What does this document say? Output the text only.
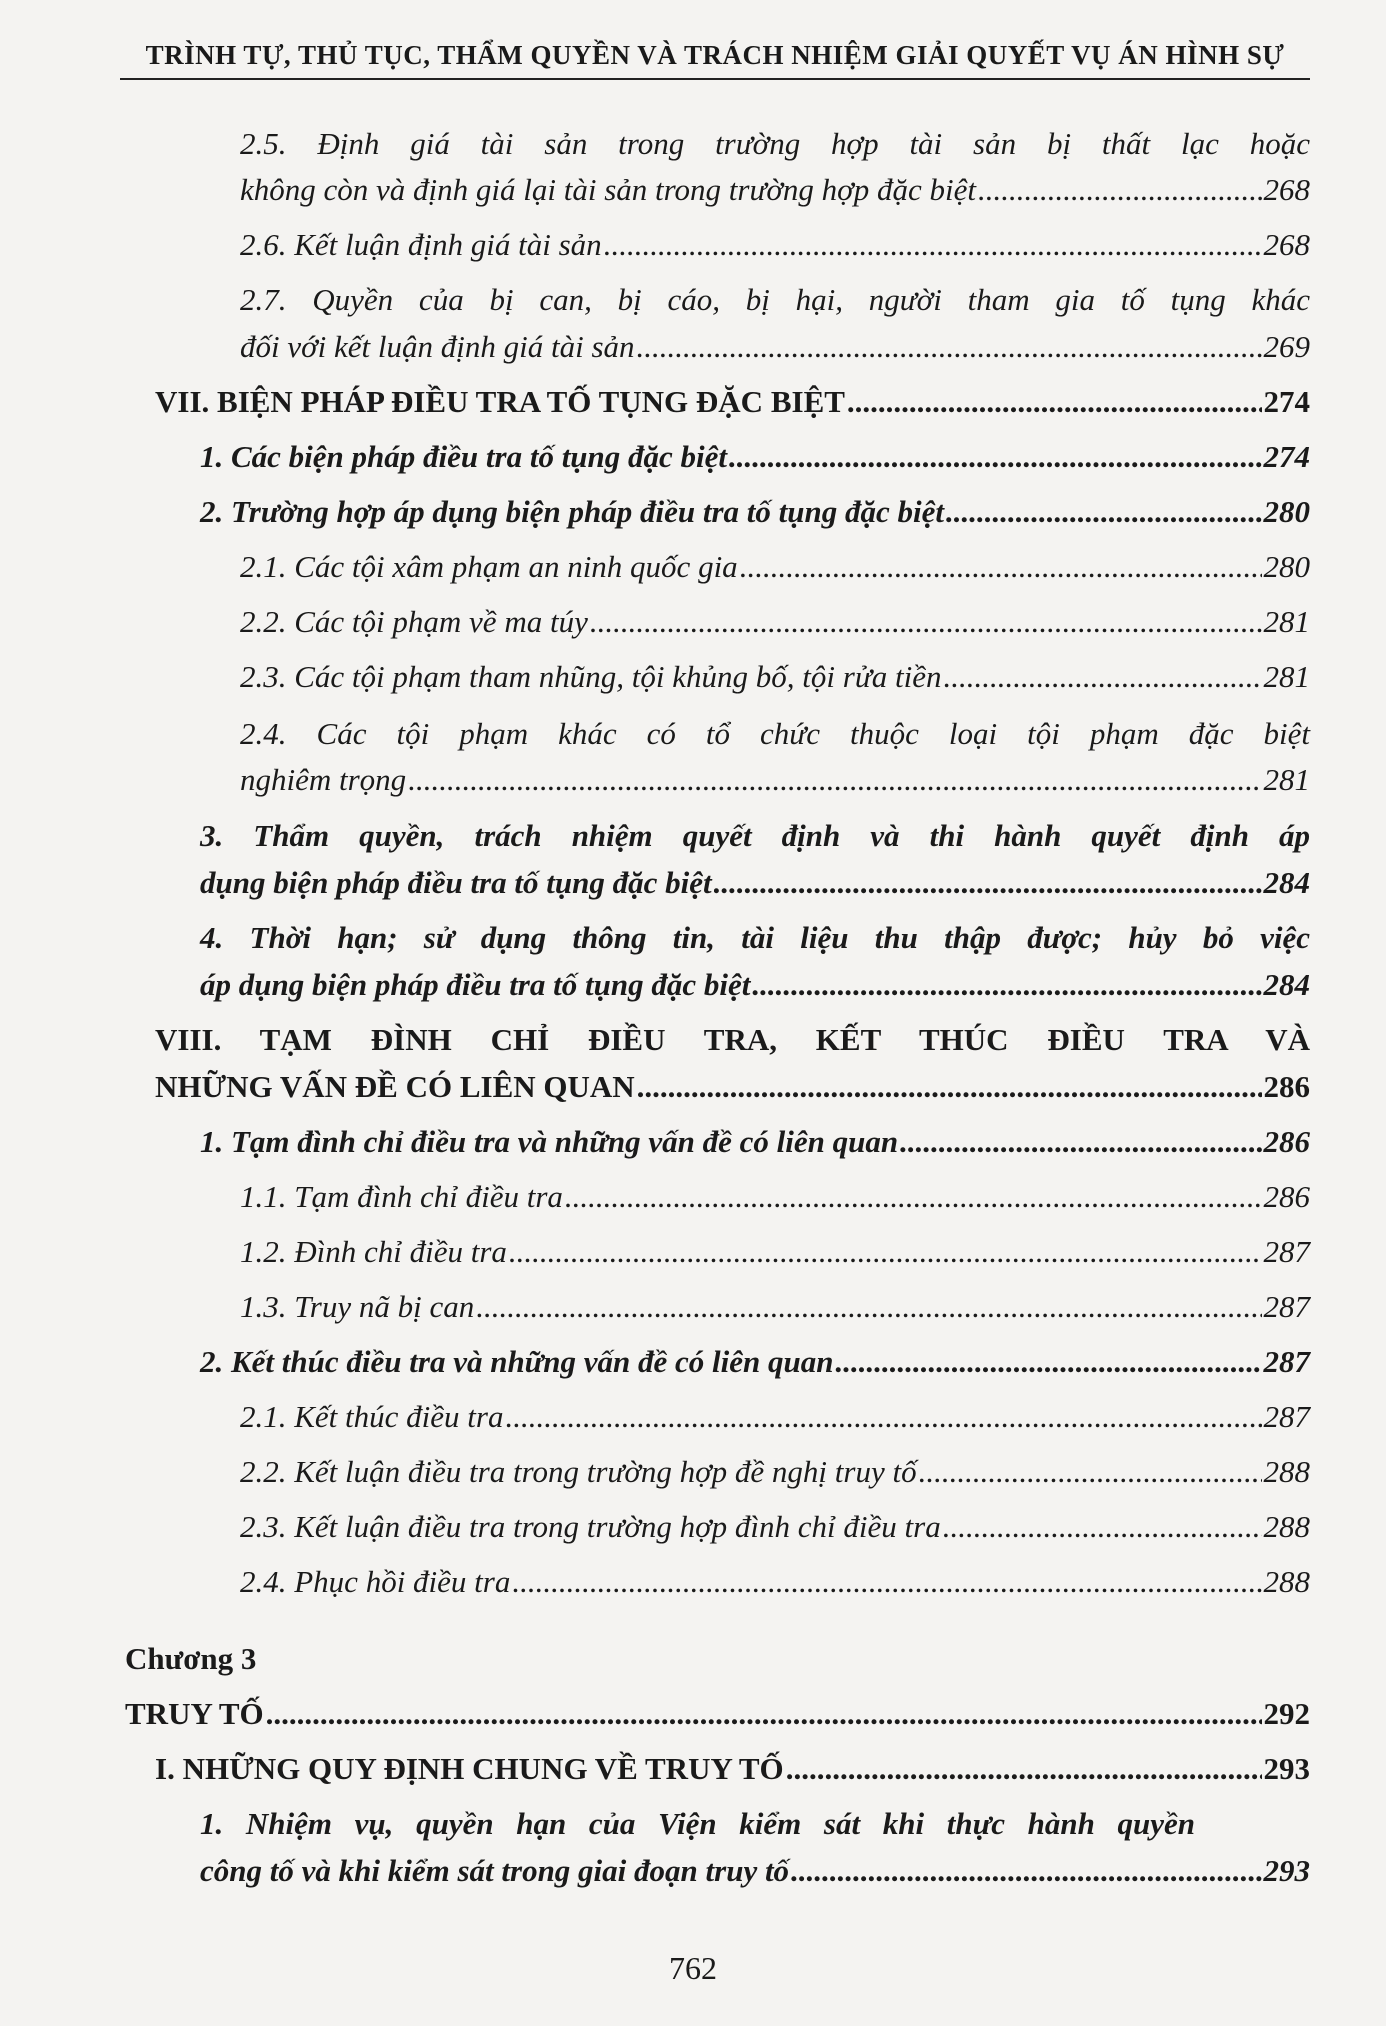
TRÌNH TỰ, THỦ TỤC, THẨM QUYỀN VÀ TRÁCH NHIỆM GIẢI QUYẾT VỤ ÁN HÌNH SỰ
2.5. Định giá tài sản trong trường hợp tài sản bị thất lạc hoặc
không còn và định giá lại tài sản trong trường hợp đặc biệt .....	268
2.6. Kết luận định giá tài sản .....	268
2.7. Quyền của bị can, bị cáo, bị hại, người tham gia tố tụng khác
đối với kết luận định giá tài sản .....	269
VII. BIỆN PHÁP ĐIỀU TRA TỐ TỤNG ĐẶC BIỆT .....	274
1. Các biện pháp điều tra tố tụng đặc biệt .....	274
2. Trường hợp áp dụng biện pháp điều tra tố tụng đặc biệt .....	280
2.1. Các tội xâm phạm an ninh quốc gia .....	280
2.2. Các tội phạm về ma túy .....	281
2.3. Các tội phạm tham nhũng, tội khủng bố, tội rửa tiền .....	281
2.4. Các tội phạm khác có tổ chức thuộc loại tội phạm đặc biệt
nghiêm trọng .....	281
3. Thẩm quyền, trách nhiệm quyết định và thi hành quyết định áp
dụng biện pháp điều tra tố tụng đặc biệt .....	284
4. Thời hạn; sử dụng thông tin, tài liệu thu thập được; hủy bỏ việc
áp dụng biện pháp điều tra tố tụng đặc biệt .....	284
VIII. TẠM ĐÌNH CHỈ ĐIỀU TRA, KẾT THÚC ĐIỀU TRA VÀ
NHỮNG VẤN ĐỀ CÓ LIÊN QUAN .....	286
1. Tạm đình chỉ điều tra và những vấn đề có liên quan .....	286
1.1. Tạm đình chỉ điều tra .....	286
1.2. Đình chỉ điều tra .....	287
1.3. Truy nã bị can .....	287
2. Kết thúc điều tra và những vấn đề có liên quan .....	287
2.1. Kết thúc điều tra .....	287
2.2. Kết luận điều tra trong trường hợp đề nghị truy tố .....	288
2.3. Kết luận điều tra trong trường hợp đình chỉ điều tra .....	288
2.4. Phục hồi điều tra .....	288
Chương 3
TRUY TỐ .....	292
I. NHỮNG QUY ĐỊNH CHUNG VỀ TRUY TỐ .....	293
1. Nhiệm vụ, quyền hạn của Viện kiểm sát khi thực hành quyền
công tố và khi kiểm sát trong giai đoạn truy tố .....	293
762
